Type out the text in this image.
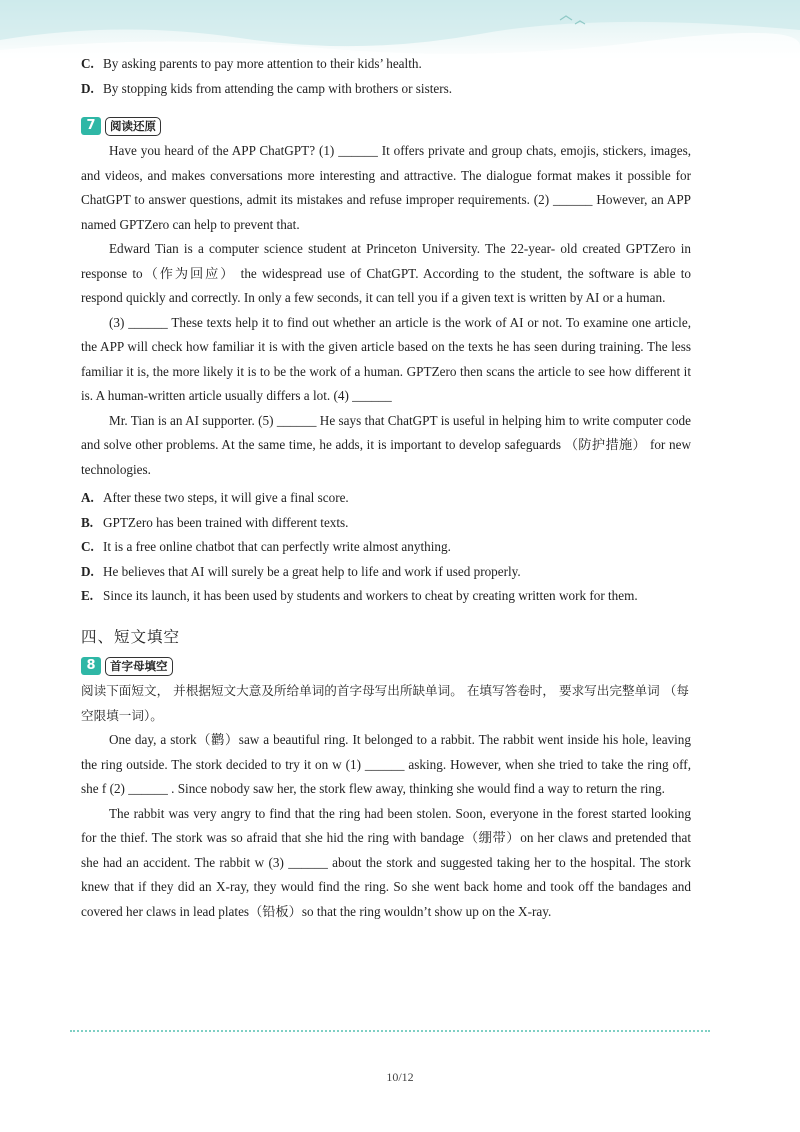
C. By asking parents to pay more attention to their kids’ health.
D. By stopping kids from attending the camp with brothers or sisters.
7	阅读还原

Have you heard of the APP ChatGPT? (1) ______ It offers private and group chats, emojis, stickers, images, and videos, and makes conversations more interesting and attractive. The dialogue format makes it possible for ChatGPT to answer questions, admit its mistakes and refuse improper requirements. (2) ______ However, an APP named GPTZero can help to prevent that.

Edward Tian is a computer science student at Princeton University. The 22-year- old created GPTZero in response to（作为回应） the widespread use of ChatGPT. According to the student, the software is able to respond quickly and correctly. In only a few seconds, it can tell you if a given text is written by AI or a human.

(3) ______ These texts help it to find out whether an article is the work of AI or not. To examine one article, the APP will check how familiar it is with the given article based on the texts he has seen during training. The less familiar it is, the more likely it is to be the work of a human. GPTZero then scans the article to see how different it is. A human-written article usually differs a lot. (4) ______

Mr. Tian is an AI supporter. (5) ______ He says that ChatGPT is useful in helping him to write computer code and solve other problems. At the same time, he adds, it is important to develop safeguards （防护措施） for new technologies.

A. After these two steps, it will give a final score.
B. GPTZero has been trained with different texts.
C. It is a free online chatbot that can perfectly write almost anything.
D. He believes that AI will surely be a great help to life and work if used properly.
E. Since its launch, it has been used by students and workers to cheat by creating written work for them.
四、短文填空
8	首字母填空

阅读下面短文， 并根据短文大意及所给单词的首字母写出所缺单词。 在填写答卷时， 要求写出完整单词 （每空限填一词）。

One day, a stork（鹳）saw a beautiful ring. It belonged to a rabbit. The rabbit went inside his hole, leaving the ring outside. The stork decided to try it on w (1) ______ asking. However, when she tried to take the ring off, she f (2) ______ . Since nobody saw her, the stork flew away, thinking she would find a way to return the ring.

The rabbit was very angry to find that the ring had been stolen. Soon, everyone in the forest started looking for the thief. The stork was so afraid that she hid the ring with bandage（绷带）on her claws and pretended that she had an accident. The rabbit w (3) ______ about the stork and suggested taking her to the hospital. The stork knew that if they did an X-ray, they would find the ring. So she went back home and took off the bandages and covered her claws in lead plates（铅板）so that the ring wouldn’t show up on the X-ray.

10/12
